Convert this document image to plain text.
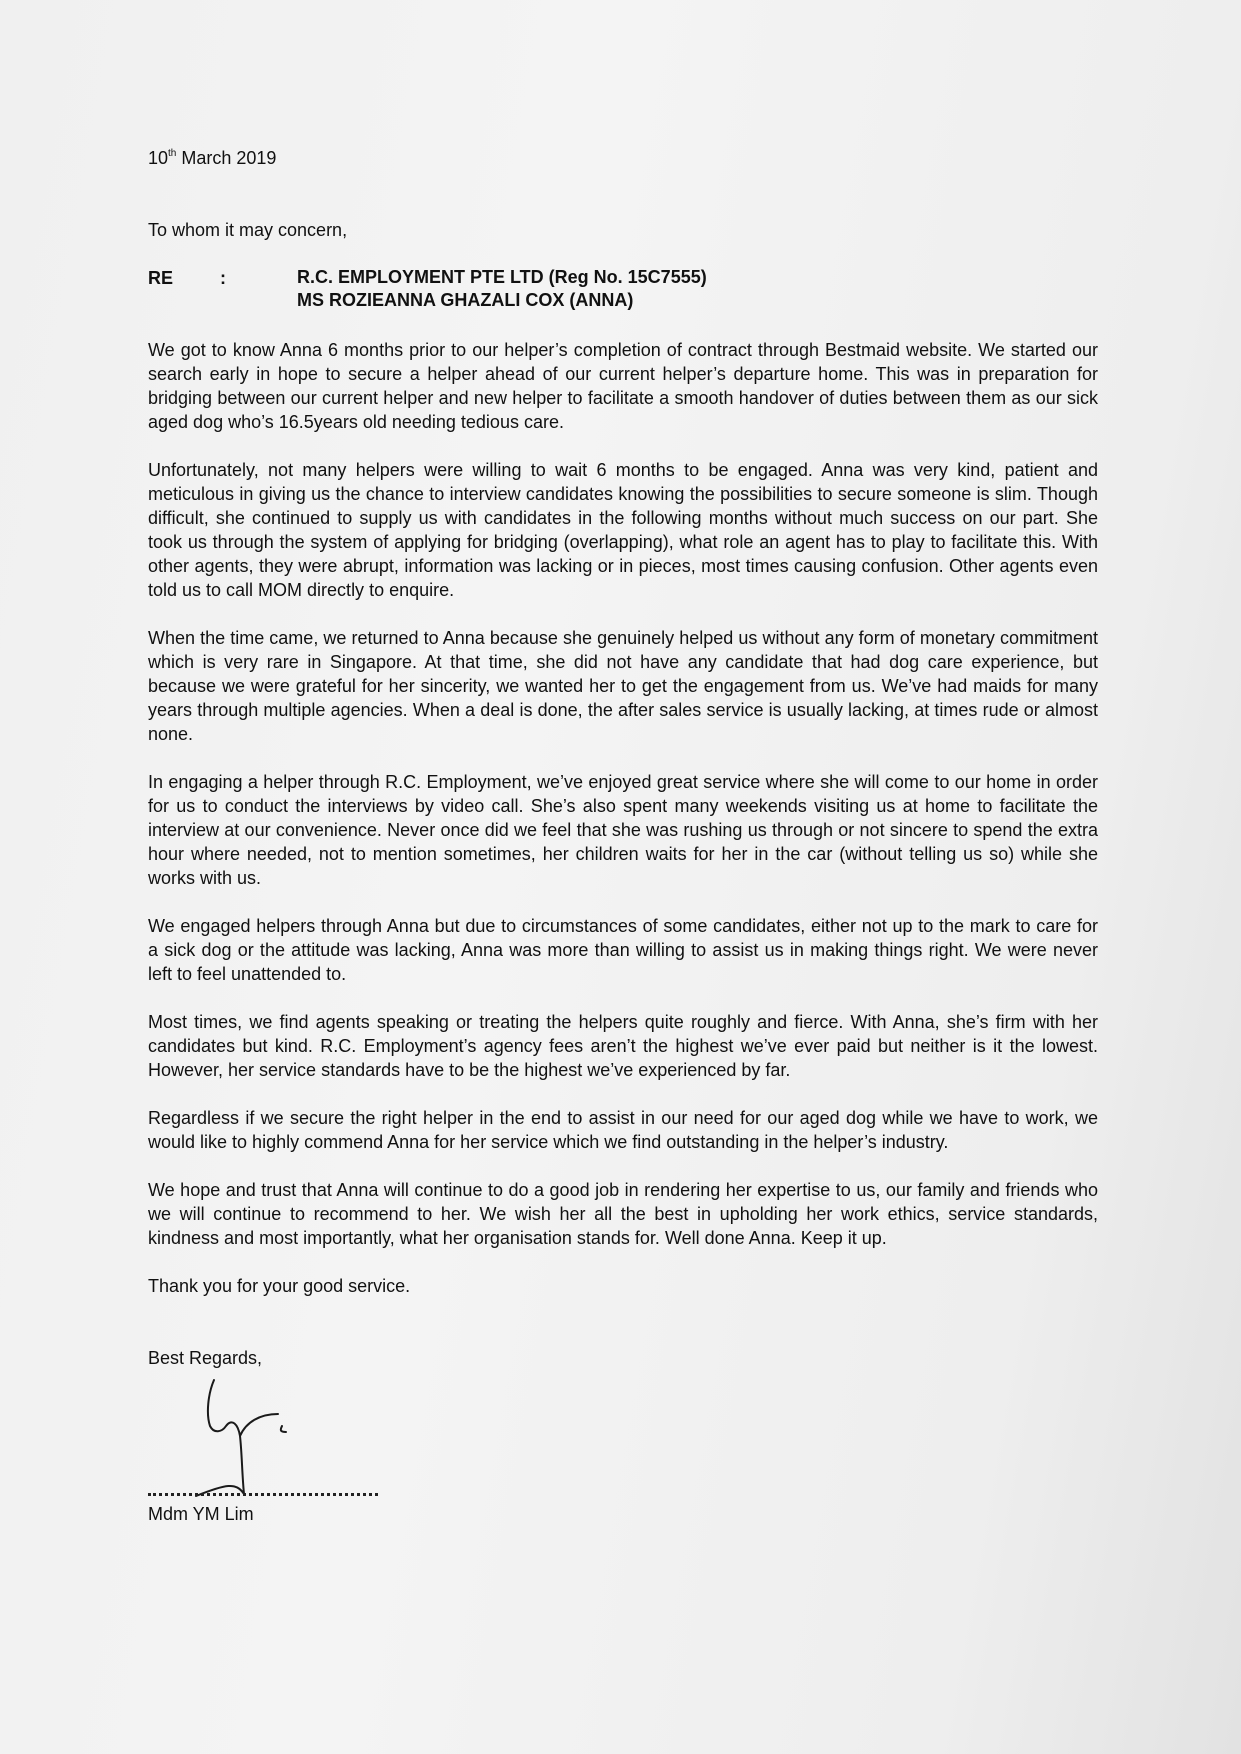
10th March 2019

To whom it may concern,

RE	:	R.C. EMPLOYMENT PTE LTD (Reg No. 15C7555)
MS ROZIEANNA GHAZALI COX (ANNA)

We got to know Anna 6 months prior to our helper’s completion of contract through Bestmaid website. We started our search early in hope to secure a helper ahead of our current helper’s departure home. This was in preparation for bridging between our current helper and new helper to facilitate a smooth handover of duties between them as our sick aged dog who’s 16.5years old needing tedious care.

Unfortunately, not many helpers were willing to wait 6 months to be engaged. Anna was very kind, patient and meticulous in giving us the chance to interview candidates knowing the possibilities to secure someone is slim. Though difficult, she continued to supply us with candidates in the following months without much success on our part. She took us through the system of applying for bridging (overlapping), what role an agent has to play to facilitate this. With other agents, they were abrupt, information was lacking or in pieces, most times causing confusion. Other agents even told us to call MOM directly to enquire.

When the time came, we returned to Anna because she genuinely helped us without any form of monetary commitment which is very rare in Singapore. At that time, she did not have any candidate that had dog care experience, but because we were grateful for her sincerity, we wanted her to get the engagement from us. We’ve had maids for many years through multiple agencies. When a deal is done, the after sales service is usually lacking, at times rude or almost none.

In engaging a helper through R.C. Employment, we’ve enjoyed great service where she will come to our home in order for us to conduct the interviews by video call. She’s also spent many weekends visiting us at home to facilitate the interview at our convenience. Never once did we feel that she was rushing us through or not sincere to spend the extra hour where needed, not to mention sometimes, her children waits for her in the car (without telling us so) while she works with us.

We engaged helpers through Anna but due to circumstances of some candidates, either not up to the mark to care for a sick dog or the attitude was lacking, Anna was more than willing to assist us in making things right. We were never left to feel unattended to.

Most times, we find agents speaking or treating the helpers quite roughly and fierce. With Anna, she’s firm with her candidates but kind. R.C. Employment’s agency fees aren’t the highest we’ve ever paid but neither is it the lowest. However, her service standards have to be the highest we’ve experienced by far.

Regardless if we secure the right helper in the end to assist in our need for our aged dog while we have to work, we would like to highly commend Anna for her service which we find outstanding in the helper’s industry.

We hope and trust that Anna will continue to do a good job in rendering her expertise to us, our family and friends who we will continue to recommend to her. We wish her all the best in upholding her work ethics, service standards, kindness and most importantly, what her organisation stands for. Well done Anna. Keep it up.

Thank you for your good service.

Best Regards,

Mdm YM Lim
